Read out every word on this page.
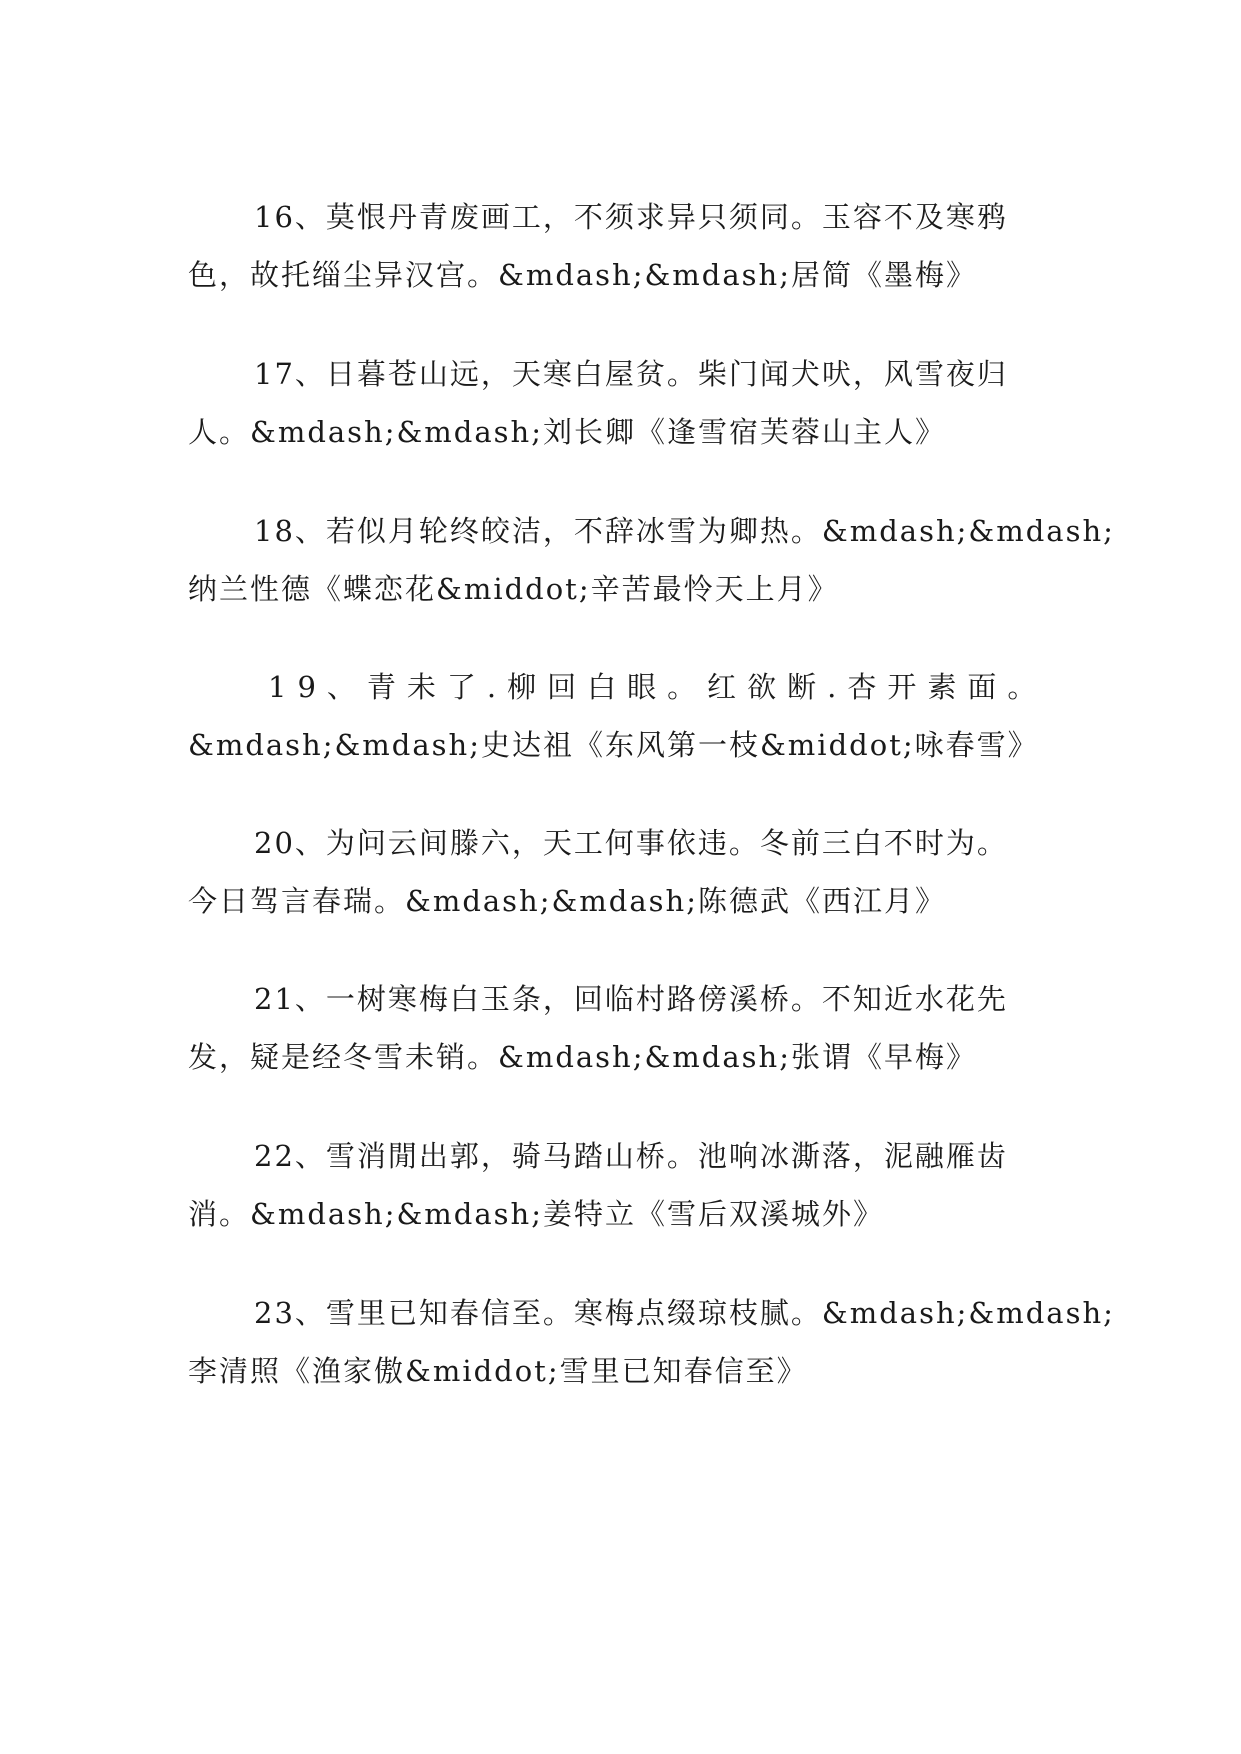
16、莫恨丹青废画工，不须求异只须同。玉容不及寒鸦
色，故托缁尘异汉宫。&mdash;&mdash;居简《墨梅》
17、日暮苍山远，天寒白屋贫。柴门闻犬吠，风雪夜归
人。&mdash;&mdash;刘长卿《逢雪宿芙蓉山主人》
18、若似月轮终皎洁，不辞冰雪为卿热。&mdash;&mdash;
纳兰性德《蝶恋花&middot;辛苦最怜天上月》
19、青未了.柳回白眼。红欲断.杏开素面。
&mdash;&mdash;史达祖《东风第一枝&middot;咏春雪》
20、为问云间滕六，天工何事依违。冬前三白不时为。
今日驾言春瑞。&mdash;&mdash;陈德武《西江月》
21、一树寒梅白玉条，回临村路傍溪桥。不知近水花先
发，疑是经冬雪未销。&mdash;&mdash;张谓《早梅》
22、雪消閒出郭，骑马踏山桥。池响冰澌落，泥融雁齿
消。&mdash;&mdash;姜特立《雪后双溪城外》
23、雪里已知春信至。寒梅点缀琼枝腻。&mdash;&mdash;
李清照《渔家傲&middot;雪里已知春信至》
